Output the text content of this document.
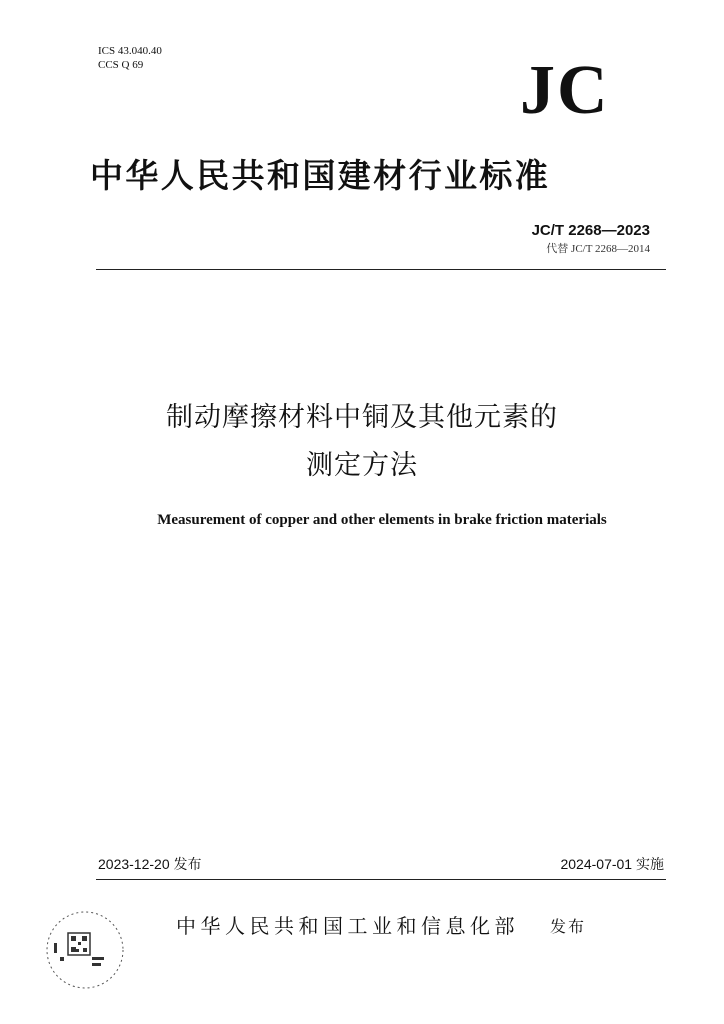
ICS 43.040.40
CCS Q 69	JC
中华人民共和国建材行业标准
JC/T 2268—2023
代替 JC/T 2268—2014
制动摩擦材料中铜及其他元素的
测定方法
Measurement of copper and other elements in brake friction materials
2023-12-20 发布	2024-07-01 实施
中华人民共和国工业和信息化部 发布
